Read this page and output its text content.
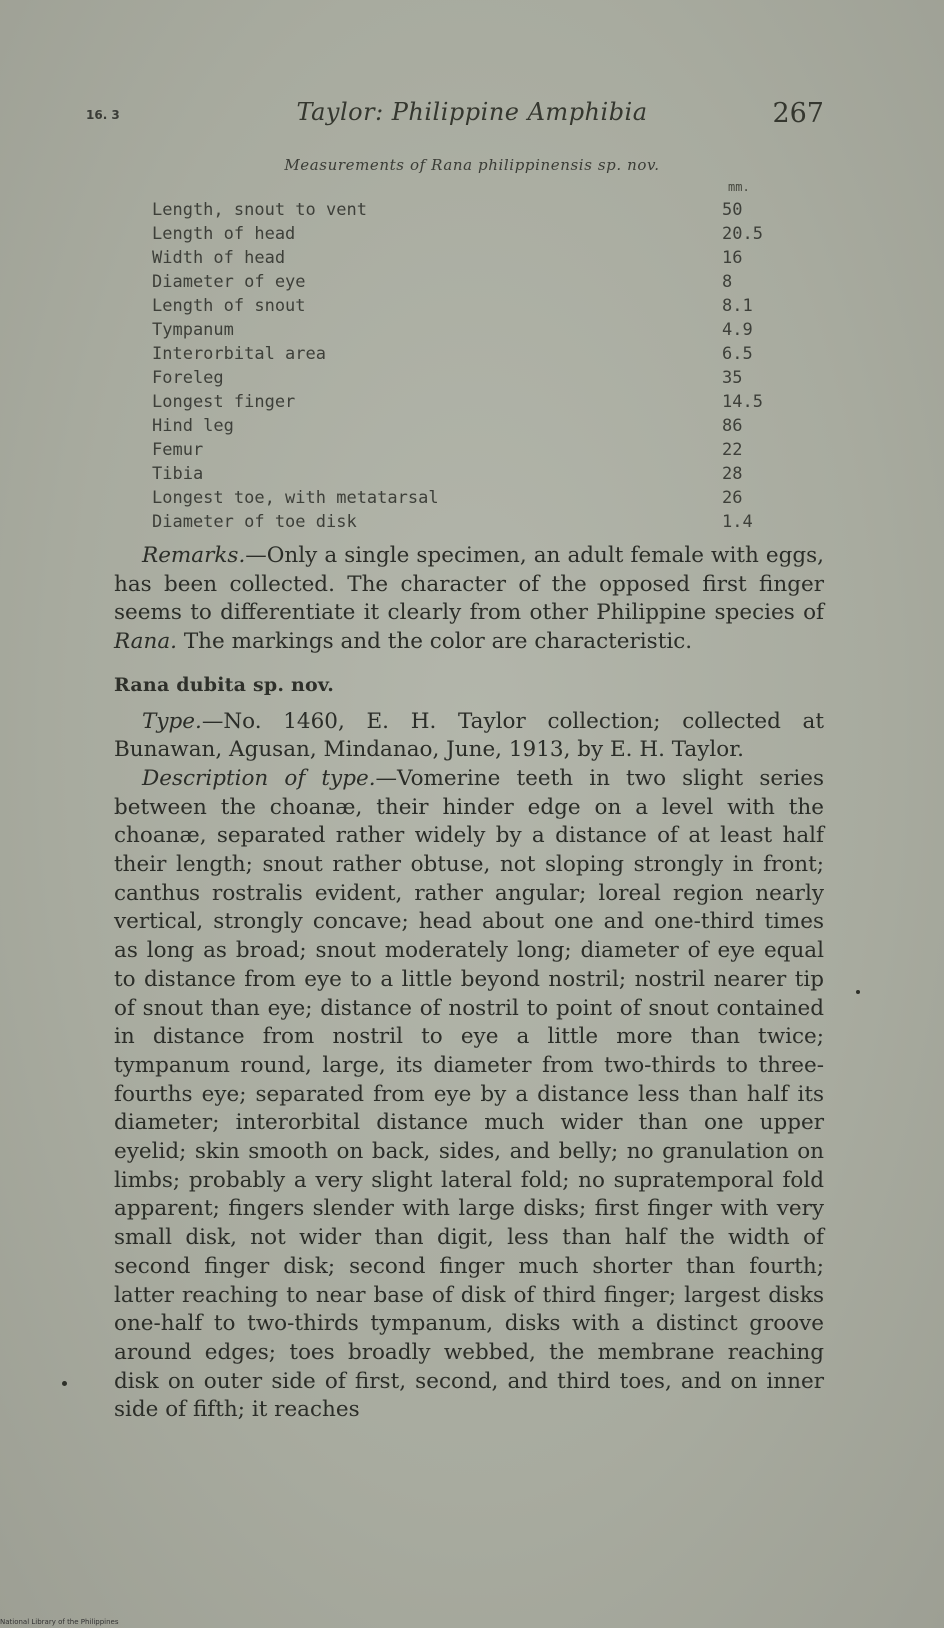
16. 3	Taylor: Philippine Amphibia	267
Measurements of Rana philippinensis sp. nov.
mm.
Length, snout to vent	50
Length of head	20.5
Width of head	16
Diameter of eye	8
Length of snout	8.1
Tympanum	4.9
Interorbital area	6.5
Foreleg	35
Longest finger	14.5
Hind leg	86
Femur	22
Tibia	28
Longest toe, with metatarsal	26
Diameter of toe disk	1.4

Remarks.—Only a single specimen, an adult female with eggs, has been collected. The character of the opposed first finger seems to differentiate it clearly from other Philippine species of Rana. The markings and the color are characteristic.

Rana dubita sp. nov.

Type.—No. 1460, E. H. Taylor collection; collected at Bunawan, Agusan, Mindanao, June, 1913, by E. H. Taylor.

Description of type.—Vomerine teeth in two slight series between the choanæ, their hinder edge on a level with the choanæ, separated rather widely by a distance of at least half their length; snout rather obtuse, not sloping strongly in front; canthus rostralis evident, rather angular; loreal region nearly vertical, strongly concave; head about one and one-third times as long as broad; snout moderately long; diameter of eye equal to distance from eye to a little beyond nostril; nostril nearer tip of snout than eye; distance of nostril to point of snout contained in distance from nostril to eye a little more than twice; tympanum round, large, its diameter from two-thirds to three-fourths eye; separated from eye by a distance less than half its diameter; interorbital distance much wider than one upper eyelid; skin smooth on back, sides, and belly; no granulation on limbs; probably a very slight lateral fold; no supratemporal fold apparent; fingers slender with large disks; first finger with very small disk, not wider than digit, less than half the width of second finger disk; second finger much shorter than fourth; latter reaching to near base of disk of third finger; largest disks one-half to two-thirds tympanum, disks with a distinct groove around edges; toes broadly webbed, the membrane reaching disk on outer side of first, second, and third toes, and on inner side of fifth; it reaches

National Library of the Philippines
